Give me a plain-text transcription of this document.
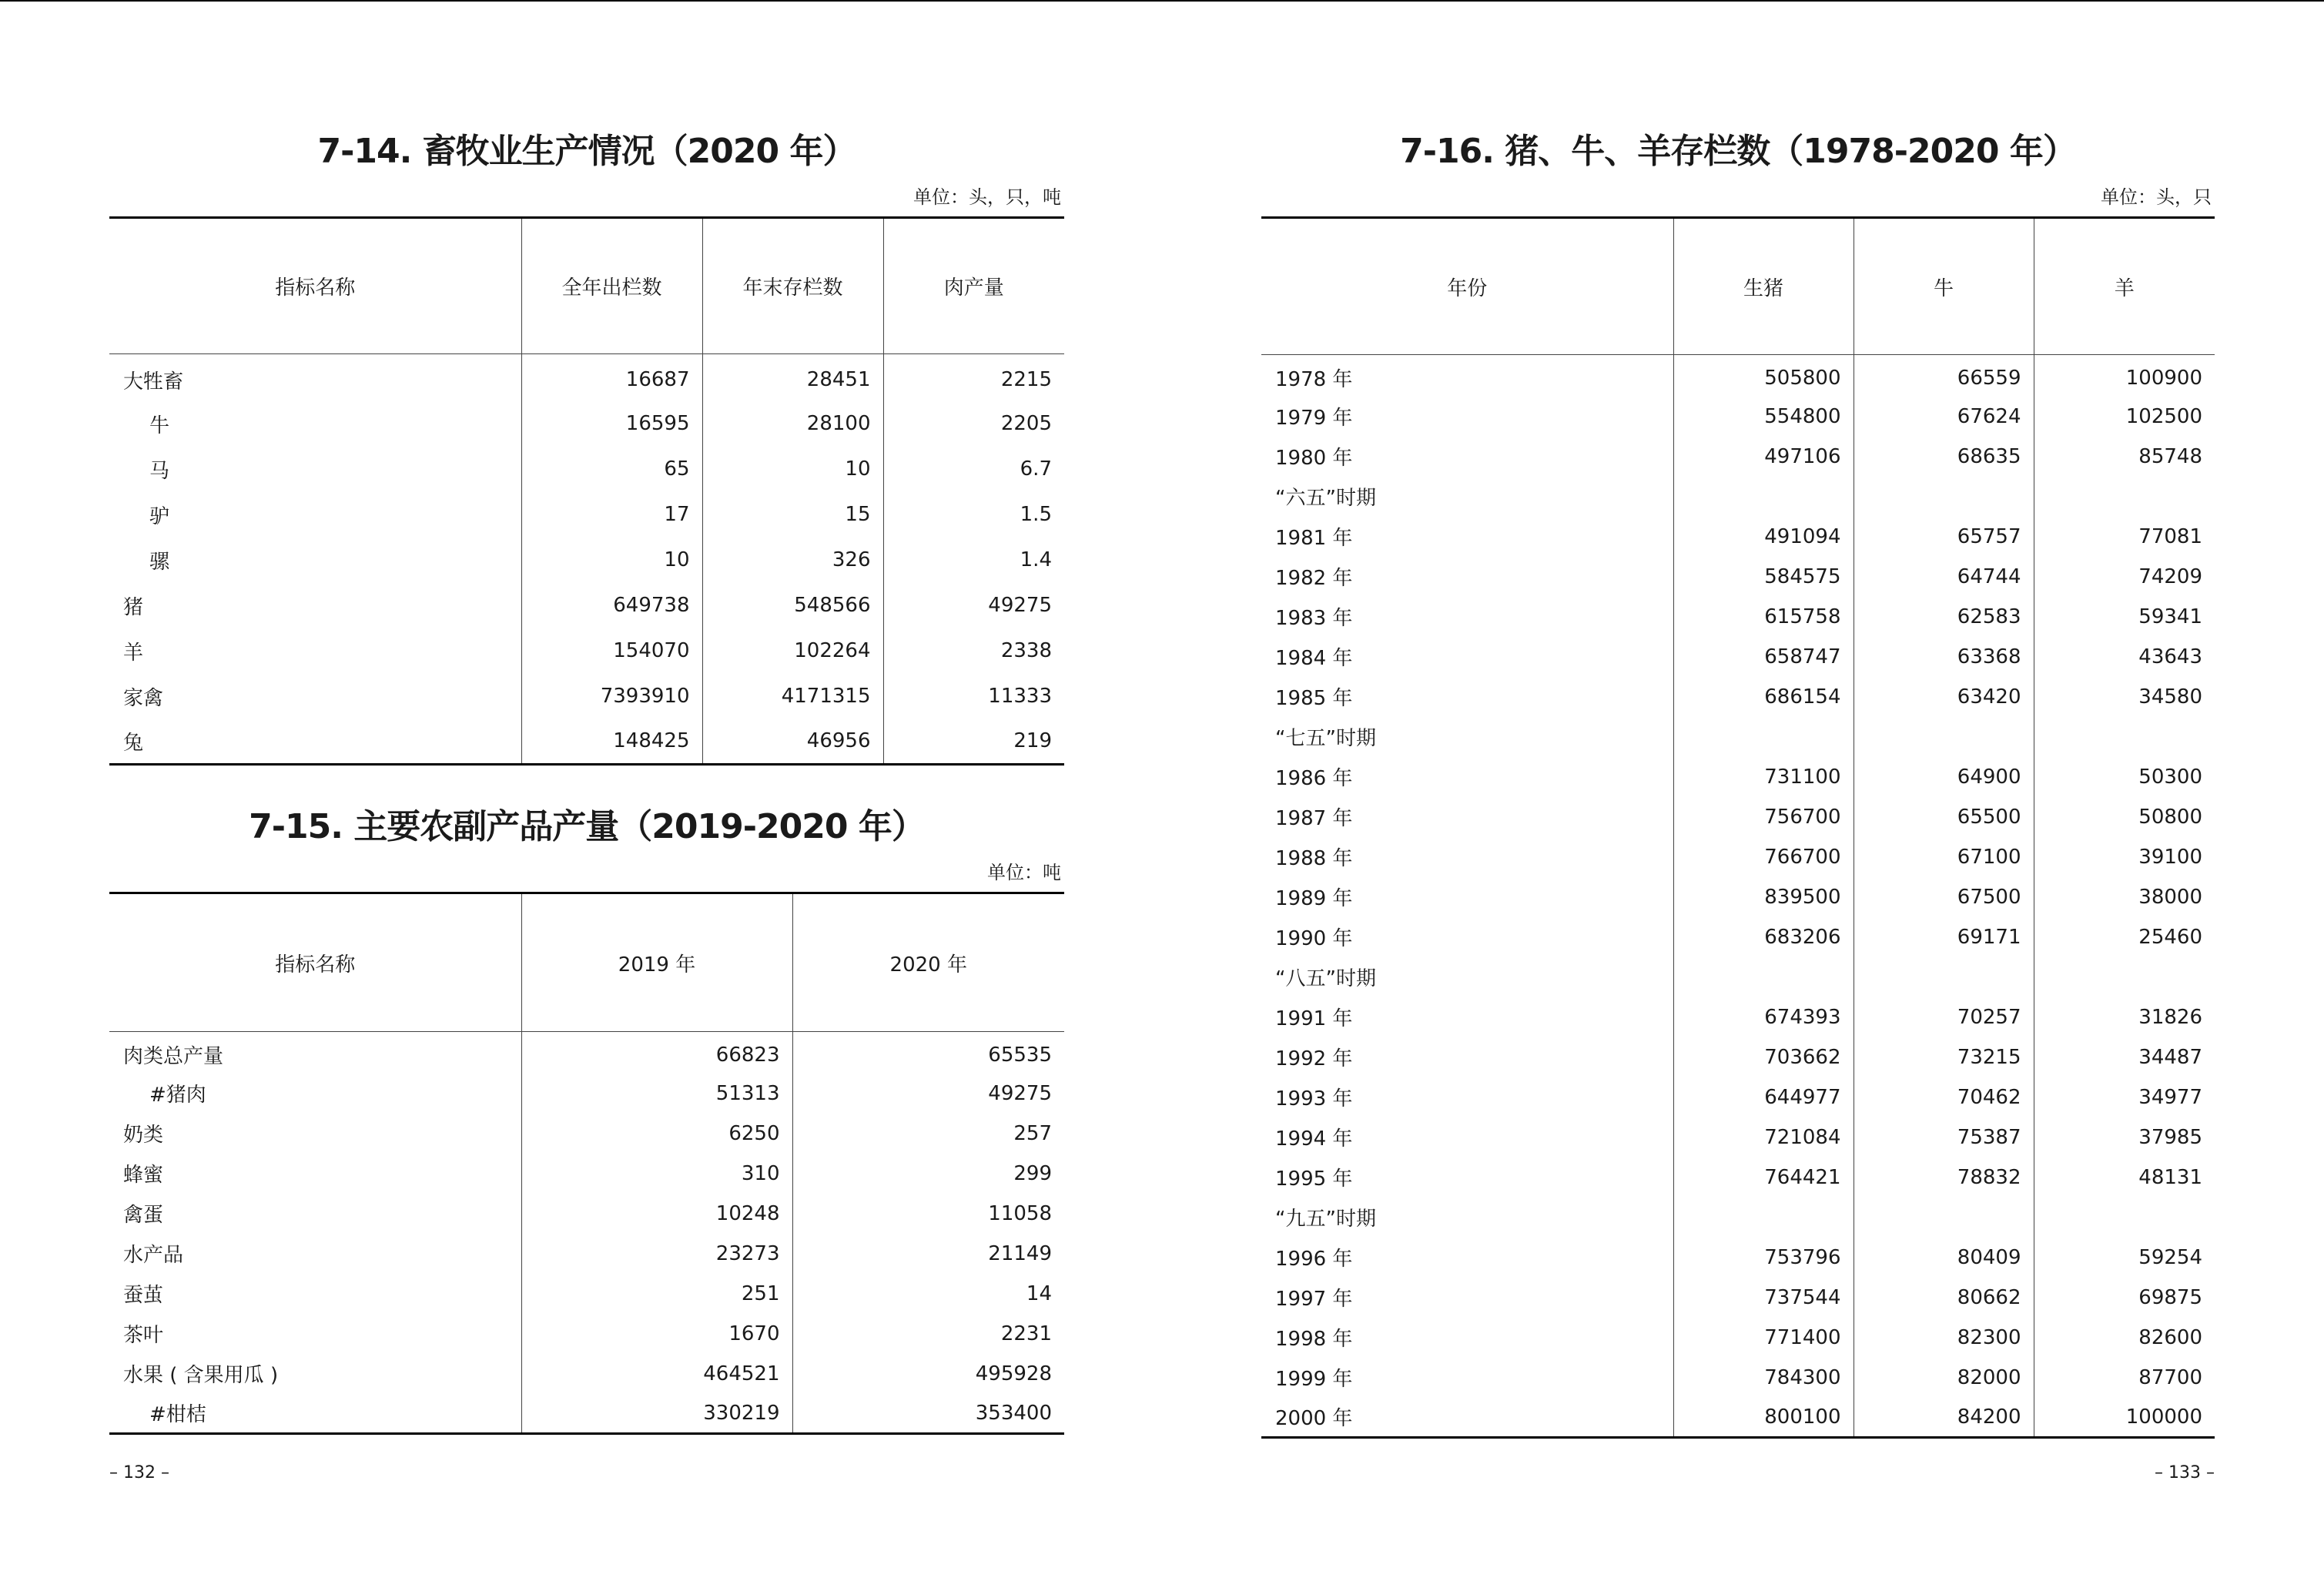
7-14. 畜牧业生产情况（2020 年）
单位：头，只，吨
指标名称	全年出栏数	年末存栏数	肉产量
大牲畜	16687	28451	2215
牛	16595	28100	2205
马	65	10	6.7
驴	17	15	1.5
骡	10	326	1.4
猪	649738	548566	49275
羊	154070	102264	2338
家禽	7393910	4171315	11333
兔	148425	46956	219
7-15. 主要农副产品产量（2019-2020 年）
单位：吨
指标名称	2019 年	2020 年
肉类总产量	66823	65535
#猪肉	51313	49275
奶类	6250	257
蜂蜜	310	299
禽蛋	10248	11058
水产品	23273	21149
蚕茧	251	14
茶叶	1670	2231
水果 ( 含果用瓜 )	464521	495928
#柑桔	330219	353400
– 132 –
7-16. 猪、牛、羊存栏数（1978-2020 年）
单位：头，只
年份	生猪	牛	羊
1978 年	505800	66559	100900
1979 年	554800	67624	102500
1980 年	497106	68635	85748
“六五”时期			
1981 年	491094	65757	77081
1982 年	584575	64744	74209
1983 年	615758	62583	59341
1984 年	658747	63368	43643
1985 年	686154	63420	34580
“七五”时期			
1986 年	731100	64900	50300
1987 年	756700	65500	50800
1988 年	766700	67100	39100
1989 年	839500	67500	38000
1990 年	683206	69171	25460
“八五”时期			
1991 年	674393	70257	31826
1992 年	703662	73215	34487
1993 年	644977	70462	34977
1994 年	721084	75387	37985
1995 年	764421	78832	48131
“九五”时期			
1996 年	753796	80409	59254
1997 年	737544	80662	69875
1998 年	771400	82300	82600
1999 年	784300	82000	87700
2000 年	800100	84200	100000
– 133 –
